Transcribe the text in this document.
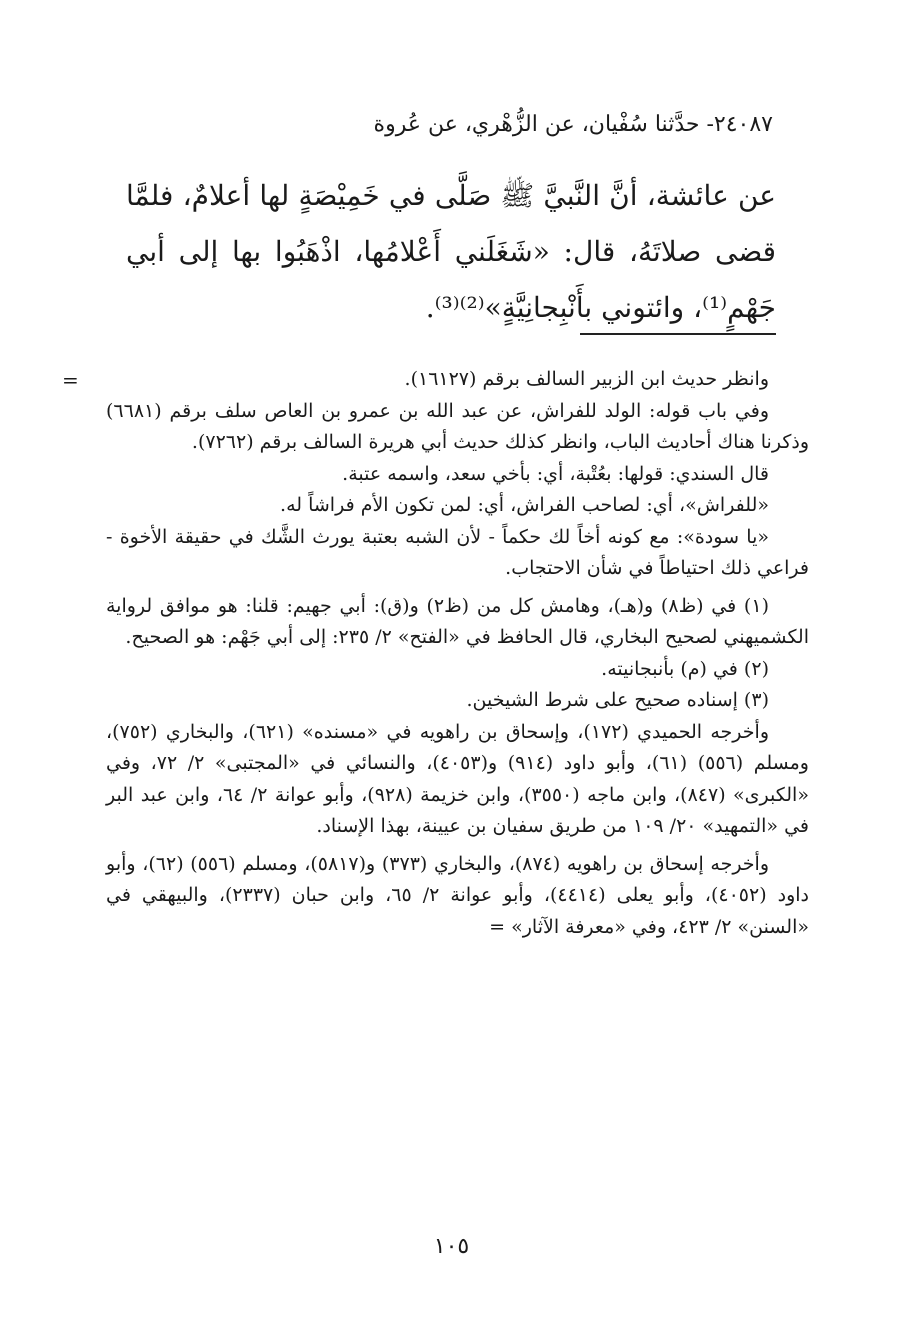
٢٤٠٨٧- حدَّثنا سُفْيان، عن الزُّهْري، عن عُروة

عن عائشة، أنَّ النَّبيَّ ﷺ صَلَّى في خَمِيْصَةٍ لها أعلامٌ، فلمَّا قضى صلاتَهُ، قال: «شَغَلَني أَعْلامُها، اذْهَبُوا بها إلى أبي جَهْمٍ⁽¹⁾، وائتوني بأَنْبِجانِيَّةٍ»⁽²⁾⁽³⁾.

=	وانظر حديث ابن الزبير السالف برقم (١٦١٢٧).

وفي باب قوله: الولد للفراش، عن عبد الله بن عمرو بن العاص سلف برقم (٦٦٨١) وذكرنا هناك أحاديث الباب، وانظر كذلك حديث أبي هريرة السالف برقم (٧٢٦٢).

قال السندي: قولها: بعُتْبة، أي: بأخي سعد، واسمه عتبة.

«للفراش»، أي: لصاحب الفراش، أي: لمن تكون الأم فراشاً له.

«يا سودة»: مع كونه أخاً لك حكماً - لأن الشبه بعتبة يورث الشَّك في حقيقة الأخوة - فراعي ذلك احتياطاً في شأن الاحتجاب.

(١) في (ظ٨) و(هـ)، وهامش كل من (ظ٢) و(ق): أبي جهيم: قلنا: هو موافق لرواية الكشميهني لصحيح البخاري، قال الحافظ في «الفتح» ٢/ ٢٣٥: إلى أبي جَهْم: هو الصحيح.

(٢) في (م) بأنبجانيته.

(٣) إسناده صحيح على شرط الشيخين.

وأخرجه الحميدي (١٧٢)، وإسحاق بن راهويه في «مسنده» (٦٢١)، والبخاري (٧٥٢)، ومسلم (٥٥٦) (٦١)، وأبو داود (٩١٤) و(٤٠٥٣)، والنسائي في «المجتبى» ٢/ ٧٢، وفي «الكبرى» (٨٤٧)، وابن ماجه (٣٥٥٠)، وابن خزيمة (٩٢٨)، وأبو عوانة ٢/ ٦٤، وابن عبد البر في «التمهيد» ٢٠/ ١٠٩ من طريق سفيان بن عيينة، بهذا الإسناد.

وأخرجه إسحاق بن راهويه (٨٧٤)، والبخاري (٣٧٣) و(٥٨١٧)، ومسلم (٥٥٦) (٦٢)، وأبو داود (٤٠٥٢)، وأبو يعلى (٤٤١٤)، وأبو عوانة ٢/ ٦٥، وابن حبان (٢٣٣٧)، والبيهقي في «السنن» ٢/ ٤٢٣، وفي «معرفة الآثار» =

١٠٥
